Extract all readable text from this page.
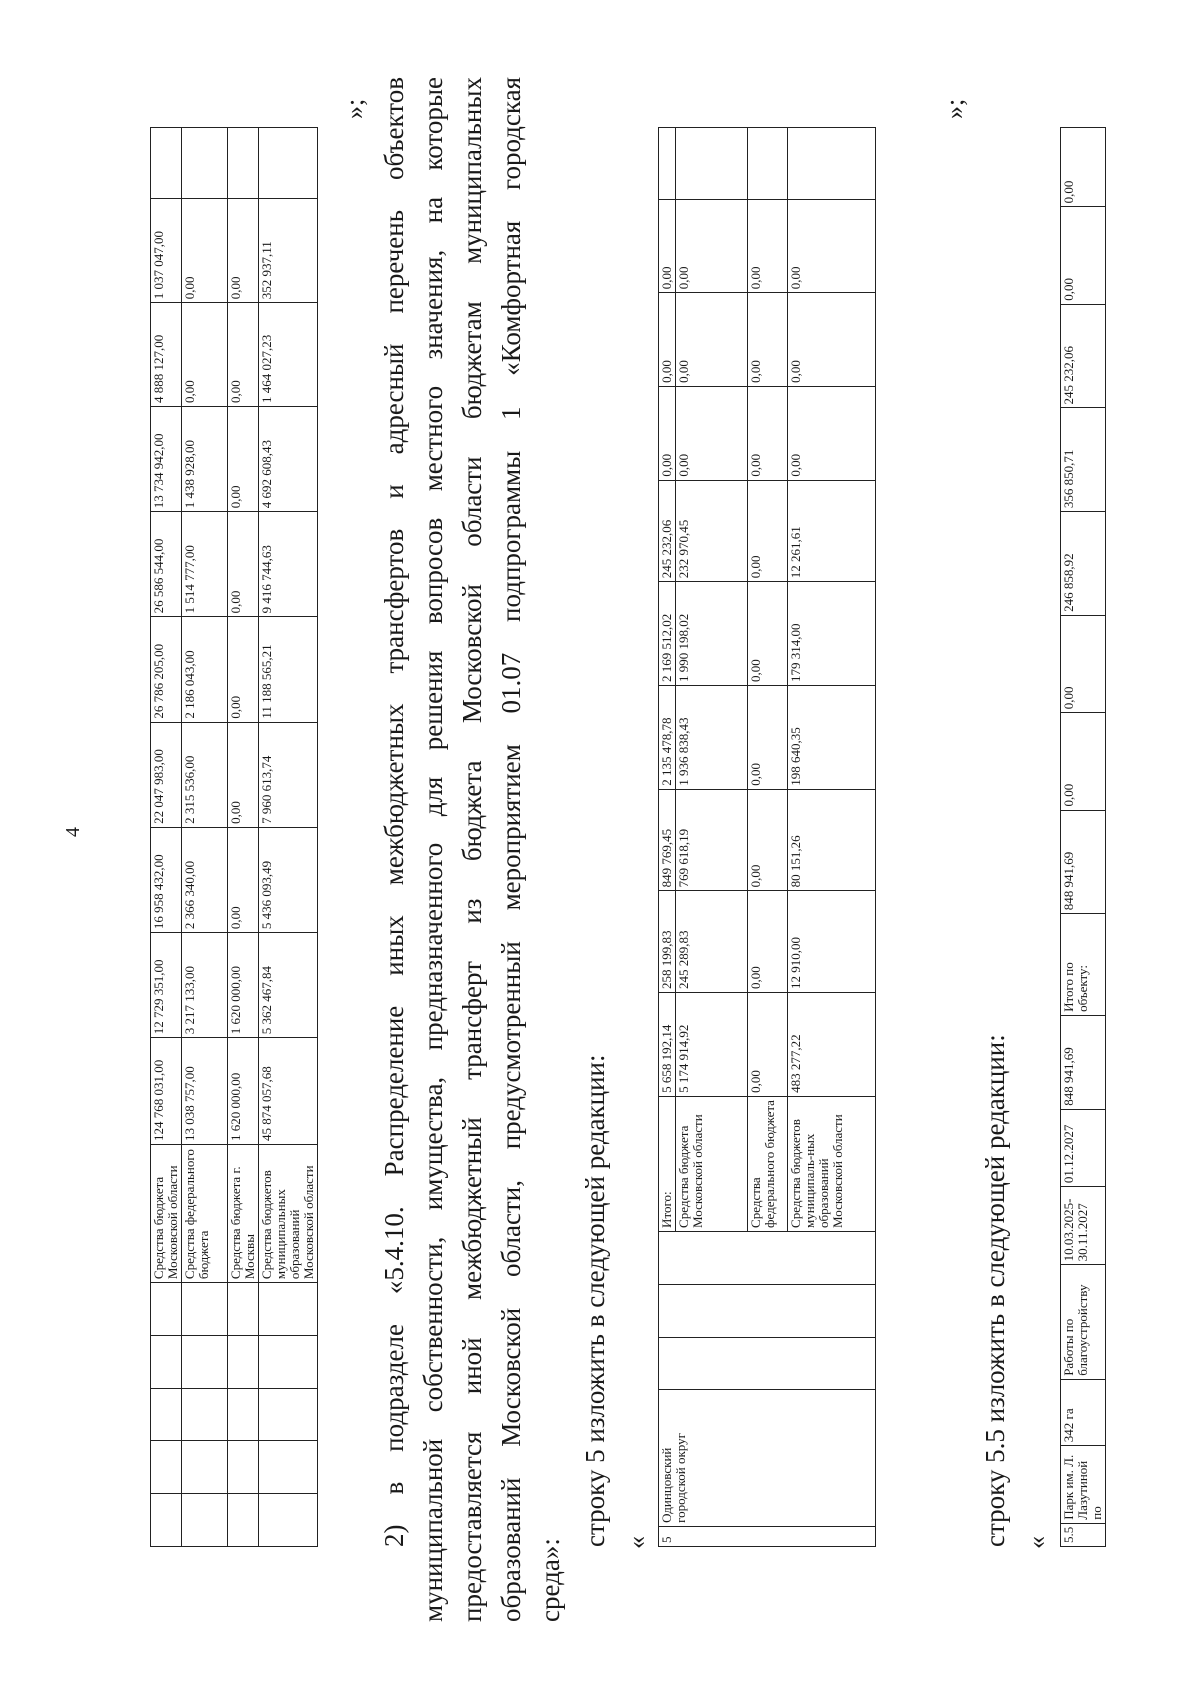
4
					Средства бюджета Московской области	124 768 031,00	12 729 351,00	16 958 432,00	22 047 983,00	26 786 205,00	26 586 544,00	13 734 942,00	4 888 127,00	1 037 047,00	
					Средства федерального бюджета	13 038 757,00	3 217 133,00	2 366 340,00	2 315 536,00	2 186 043,00	1 514 777,00	1 438 928,00	0,00	0,00	
					Средства бюджета г. Москвы	1 620 000,00	1 620 000,00	0,00	0,00	0,00	0,00	0,00	0,00	0,00	
					Средства бюджетов муниципальных образований Московской области	45 874 057,68	5 362 467,84	5 436 093,49	7 960 613,74	11 188 565,21	9 416 744,63	4 692 608,43	1 464 027,23	352 937,11	
»; 2) в подразделе «5.4.10. Распределение иных межбюджетных трансфертов и адресный перечень объектов муниципальной собственности, имущества, предназначенного для решения вопросов местного значения, на которые предоставляется иной межбюджетный трансферт из бюджета Московской области бюджетам муниципальных образований Московской области, предусмотренный мероприятием 01.07 подпрограммы 1 «Комфортная городская среда»:
строку 5 изложить в следующей редакции: « 5	Одинцовский городской округ				Итого:	5 658 192,14	258 199,83	849 769,45	2 135 478,78	2 169 512,02	245 232,06	0,00	0,00	0,00	
					Средства бюджета Московской области	5 174 914,92	245 289,83	769 618,19	1 936 838,43	1 990 198,02	232 970,45	0,00	0,00	0,00	
					Средства федерального бюджета	0,00	0,00	0,00	0,00	0,00	0,00	0,00	0,00	0,00	
					Средства бюджетов муниципаль-ных образований Московской области	483 277,22	12 910,00	80 151,26	198 640,35	179 314,00	12 261,61	0,00	0,00	0,00	
»;
строку 5.5 изложить в следующей редакции: « 5.5	Парк им. Л. Лазутиной по	342 га	Работы по благоустройству	10.03.2025-30.11.2027	01.12.2027	848 941,69	Итого по объекту:	848 941,69	0,00	0,00	246 858,92	356 850,71	245 232,06	0,00	0,00
